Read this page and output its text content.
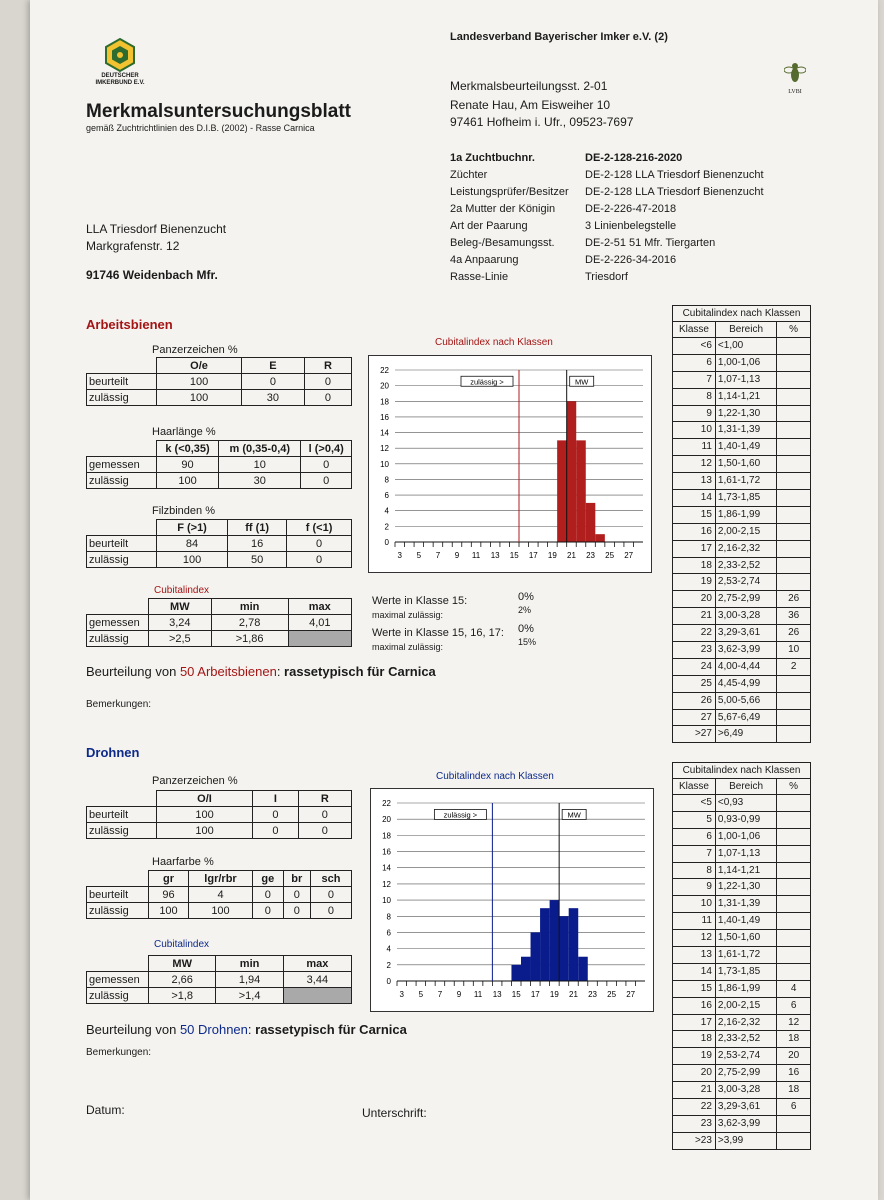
DEUTSCHER
IMKERBUND E.V.
LVBI
Merkmalsuntersuchungsblatt
gemäß Zuchtrichtlinien des D.I.B. (2002) - Rasse Carnica
Landesverband Bayerischer Imker e.V. (2)
Merkmalsbeurteilungsst. 2-01
Renate Hau, Am Eisweiher 10
97461 Hofheim i. Ufr., 09523-7697
1a Zuchtbuchnr.	DE-2-128-216-2020
Züchter	DE-2-128 LLA Triesdorf Bienenzucht
Leistungsprüfer/Besitzer DE-2-128 LLA Triesdorf Bienenzucht
2a Mutter der Königin	DE-2-226-47-2018
Art der Paarung	3 Linienbelegstelle
Beleg-/Besamungsst.	DE-2-51 51 Mfr. Tiergarten
4a Anpaarung	DE-2-226-34-2016
Rasse-Linie	Triesdorf
LLA Triesdorf Bienenzucht
Markgrafenstr. 12
91746 Weidenbach Mfr.
Arbeitsbienen
Panzerzeichen %
	O/e	E	R
beurteilt	100	0	0
zulässig	100	30	0
Haarlänge %
	k (<0,35)	m (0,35-0,4)	l (>0,4)
gemessen	90	10	0
zulässig	100	30	0
Filzbinden %
	F (>1)	ff (1)	f (<1)
beurteilt	84	16	0
zulässig	100	50	0
Cubitalindex
	MW	min	max
gemessen	3,24	2,78	4,01
zulässig	>2,5	>1,86	
Cubitalindex nach Klassen
0
2
4
6
8
10
12
14
16
18
20
22
3 5 7 9 11 13 15 17 19 21 23 25 27
zulässig >	MW
Werte in Klasse 15:	0%
maximal zulässig:	2%
Werte in Klasse 15, 16, 17: 0%
maximal zulässig:	15%
Beurteilung von 50 Arbeitsbienen: rassetypisch für Carnica
Bemerkungen:
Drohnen
Panzerzeichen %
	O/I	I	R
beurteilt	100	0	0
zulässig	100	0	0
Haarfarbe %
	gr	lgr/rbr	ge	br	sch
beurteilt	96	4	0	0	0
zulässig	100	100	0	0	0
Cubitalindex
	MW	min	max
gemessen	2,66	1,94	3,44
zulässig	>1,8	>1,4	
Cubitalindex nach Klassen
0
2
4
6
8
10
12
14
16
18
20
22
3 5 7 9 11 13 15 17 19 21 23 25 27
zulässig >	MW
Beurteilung von 50 Drohnen: rassetypisch für Carnica
Bemerkungen:
Datum:	Unterschrift:
Cubitalindex nach Klassen		
Klasse	Bereich	%
<6	<1,00	
6	1,00-1,06	
7	1,07-1,13	
8	1,14-1,21	
9	1,22-1,30	
10	1,31-1,39	
11	1,40-1,49	
12	1,50-1,60	
13	1,61-1,72	
14	1,73-1,85	
15	1,86-1,99	
16	2,00-2,15	
17	2,16-2,32	
18	2,33-2,52	
19	2,53-2,74	
20	2,75-2,99	26
21	3,00-3,28	36
22	3,29-3,61	26
23	3,62-3,99	10
24	4,00-4,44	2
25	4,45-4,99	
26	5,00-5,66	
27	5,67-6,49	
>27	>6,49	
Cubitalindex nach Klassen		
Klasse	Bereich	%
<5	<0,93	
5	0,93-0,99	
6	1,00-1,06	
7	1,07-1,13	
8	1,14-1,21	
9	1,22-1,30	
10	1,31-1,39	
11	1,40-1,49	
12	1,50-1,60	
13	1,61-1,72	
14	1,73-1,85	
15	1,86-1,99	4
16	2,00-2,15	6
17	2,16-2,32	12
18	2,33-2,52	18
19	2,53-2,74	20
20	2,75-2,99	16
21	3,00-3,28	18
22	3,29-3,61	6
23	3,62-3,99	
>23	>3,99	
